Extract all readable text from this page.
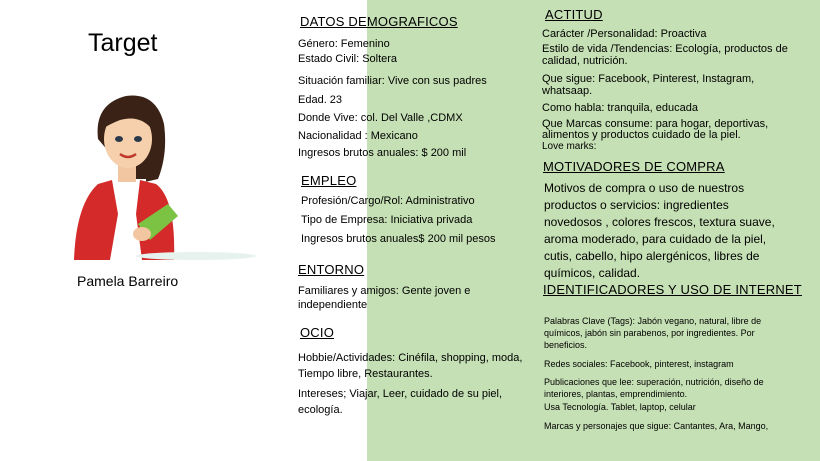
Target
Pamela Barreiro
DATOS DEMOGRAFICOS
Género: Femenino
Estado Civil: Soltera
Situación familiar: Vive con sus padres
Edad. 23
Donde Vive: col. Del Valle ,CDMX
Nacionalidad : Mexicano
Ingresos brutos anuales: $ 200 mil
EMPLEO
Profesión/Cargo/Rol: Administrativo
Tipo de Empresa: Iniciativa privada
Ingresos brutos anuales$ 200 mil pesos
ENTORNO
Familiares y amigos: Gente joven e independiente
OCIO
Hobbie/Actividades: Cinéfila, shopping, moda, Tiempo libre, Restaurantes.
Intereses; Viajar, Leer, cuidado de su piel, ecología.
ACTITUD
Carácter /Personalidad: Proactiva
Estilo de vida /Tendencias: Ecología, productos de calidad, nutrición.
Que sigue: Facebook, Pinterest, Instagram, whatsaap.
Como habla: tranquila, educada
Que Marcas consume: para hogar, deportivas, alimentos y productos cuidado de la piel.
Love marks:
MOTIVADORES DE COMPRA
Motivos de compra o uso de nuestros productos o servicios: ingredientes novedosos , colores frescos, textura suave, aroma moderado, para cuidado de la piel, cutis, cabello, hipo alergénicos, libres de químicos, calidad.
IDENTIFICADORES Y USO DE INTERNET
Palabras Clave (Tags): Jabón vegano, natural, libre de químicos, jabón sin parabenos, por ingredientes. Por beneficios.
Redes sociales: Facebook, pinterest, instagram
Publicaciones que lee: superación, nutrición, diseño de interiores, plantas, emprendimiento.
Usa Tecnología. Tablet, laptop, celular
Marcas y personajes que sigue: Cantantes, Ara, Mango,
